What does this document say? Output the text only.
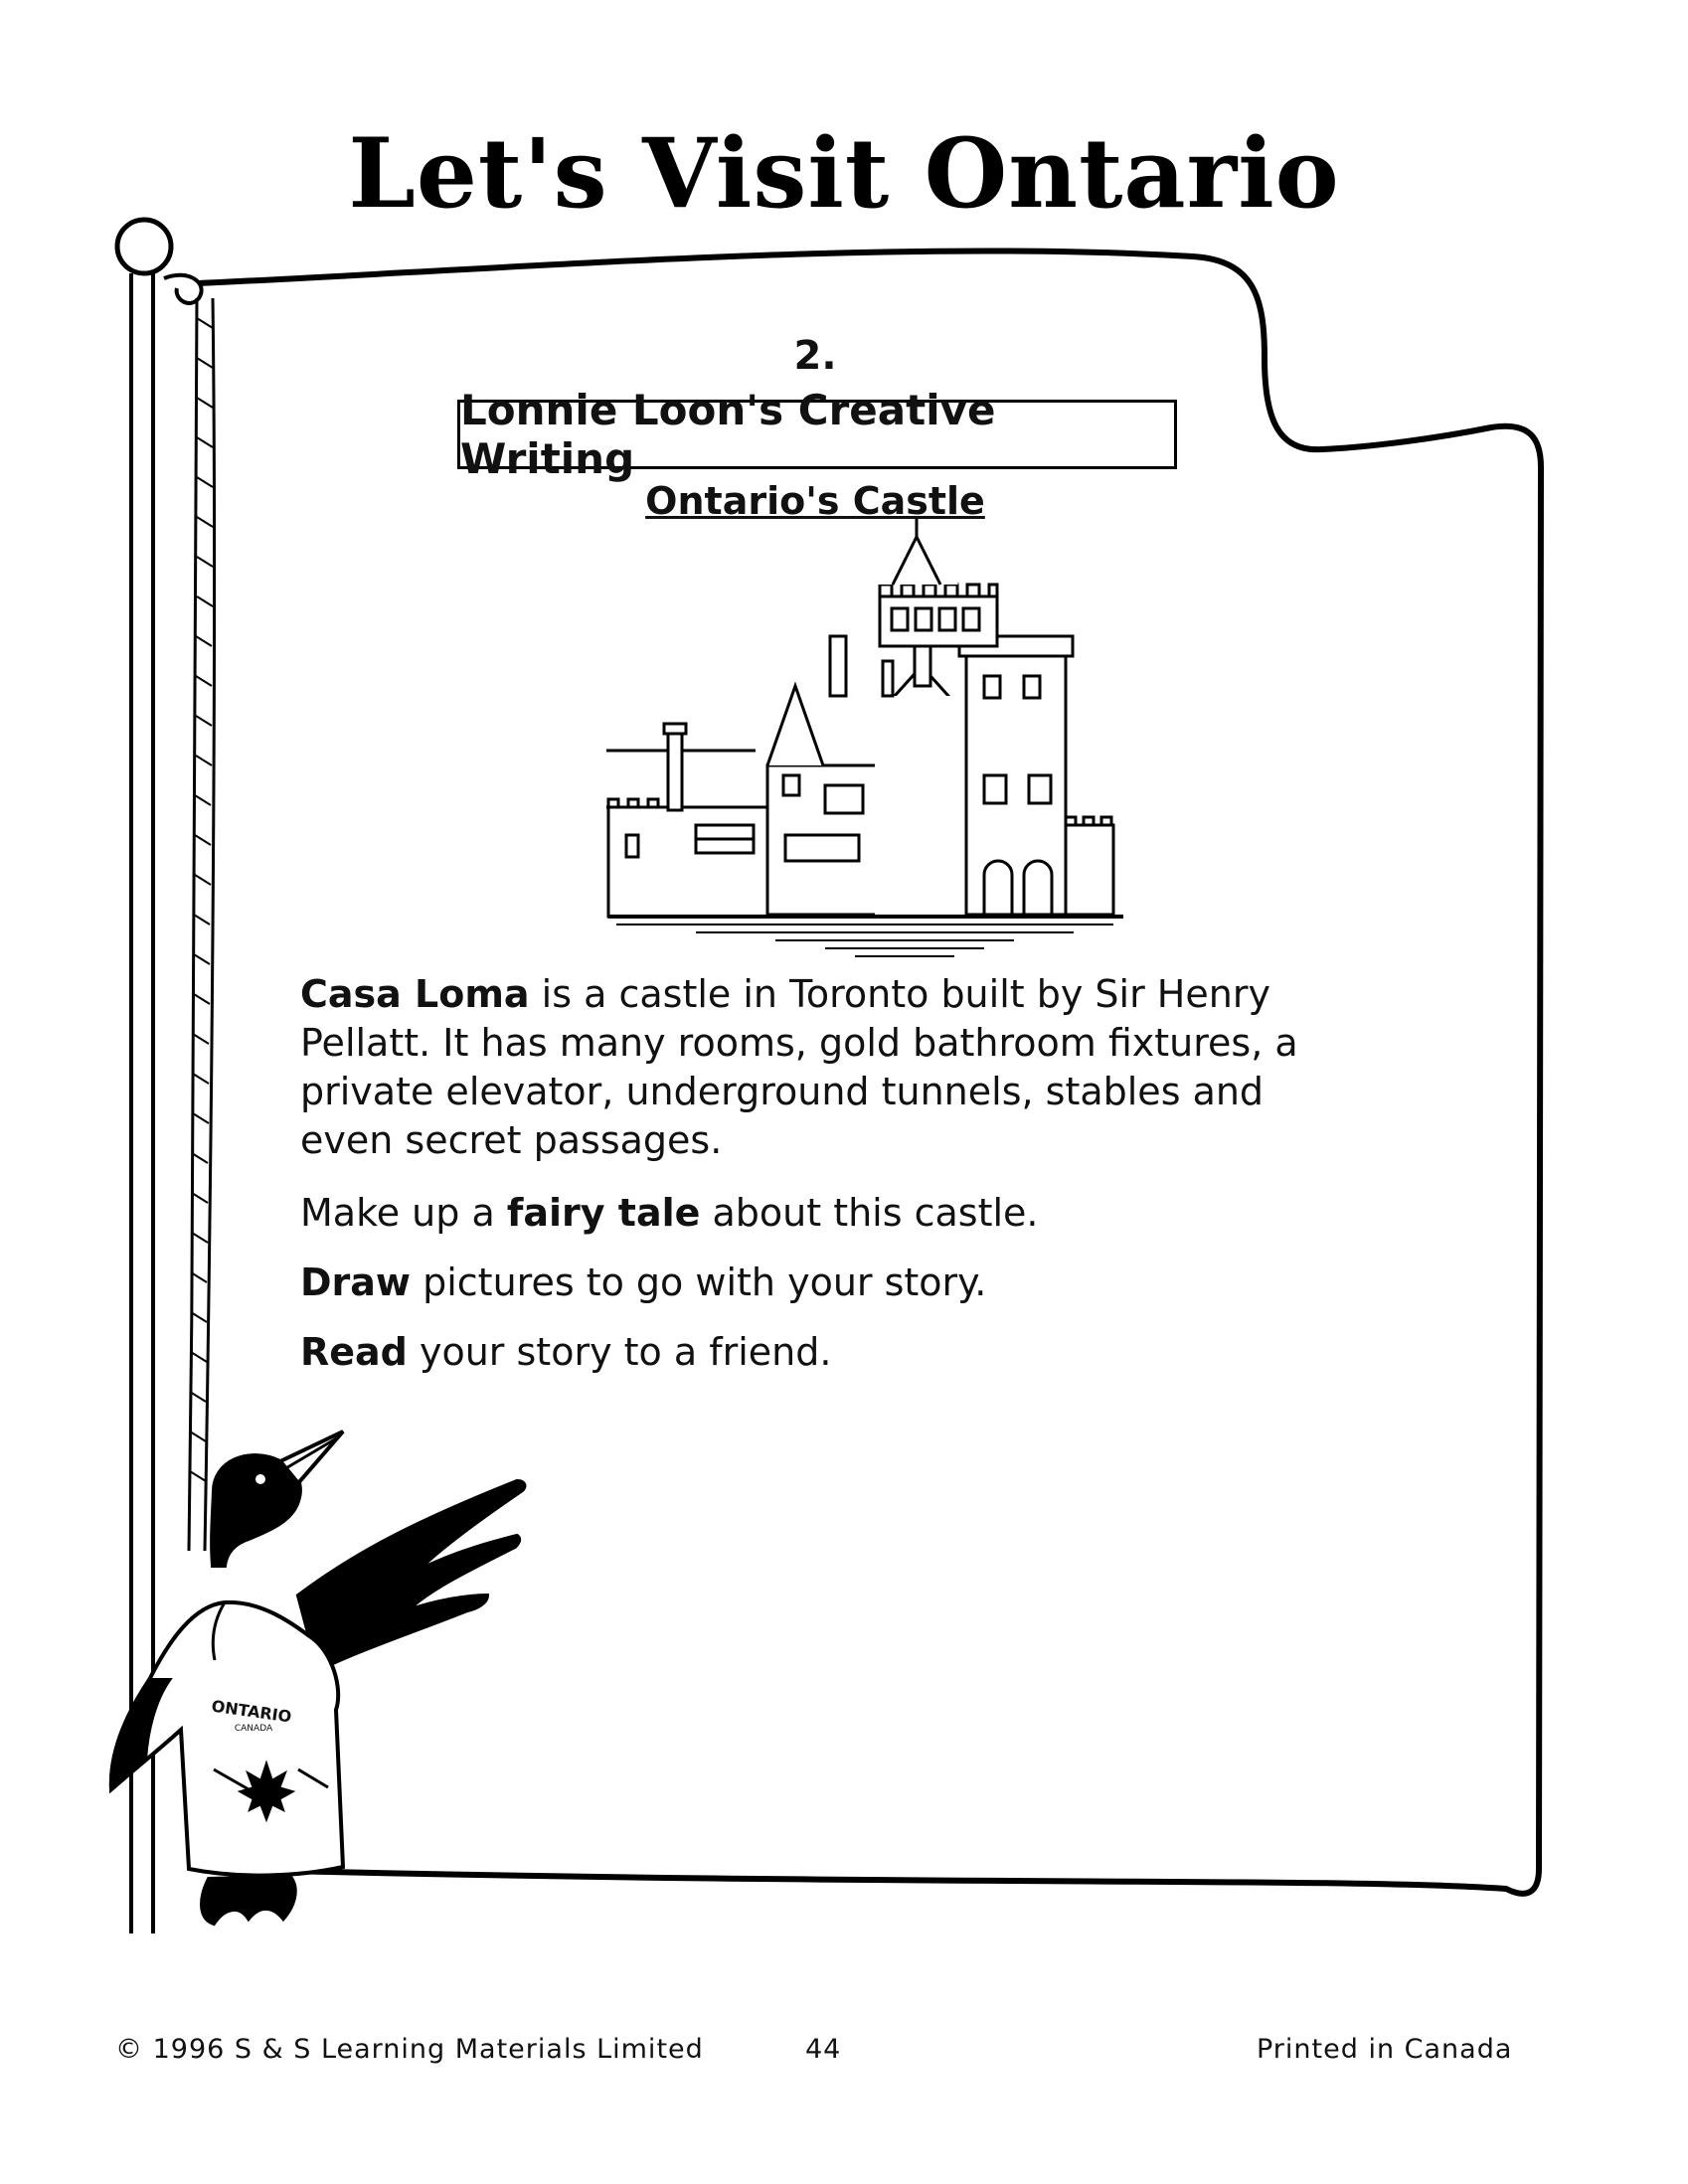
ONTARIO
CANADA
Let's Visit Ontario
2.
Lonnie Loon's Creative Writing
Ontario's Castle
Casa Loma is a castle in Toronto built by Sir Henry
Pellatt. It has many rooms, gold bathroom fixtures, a
private elevator, underground tunnels, stables and
even secret passages.
Make up a fairy tale about this castle.
Draw pictures to go with your story.
Read your story to a friend.
© 1996 S & S Learning Materials Limited	44	Printed in Canada
